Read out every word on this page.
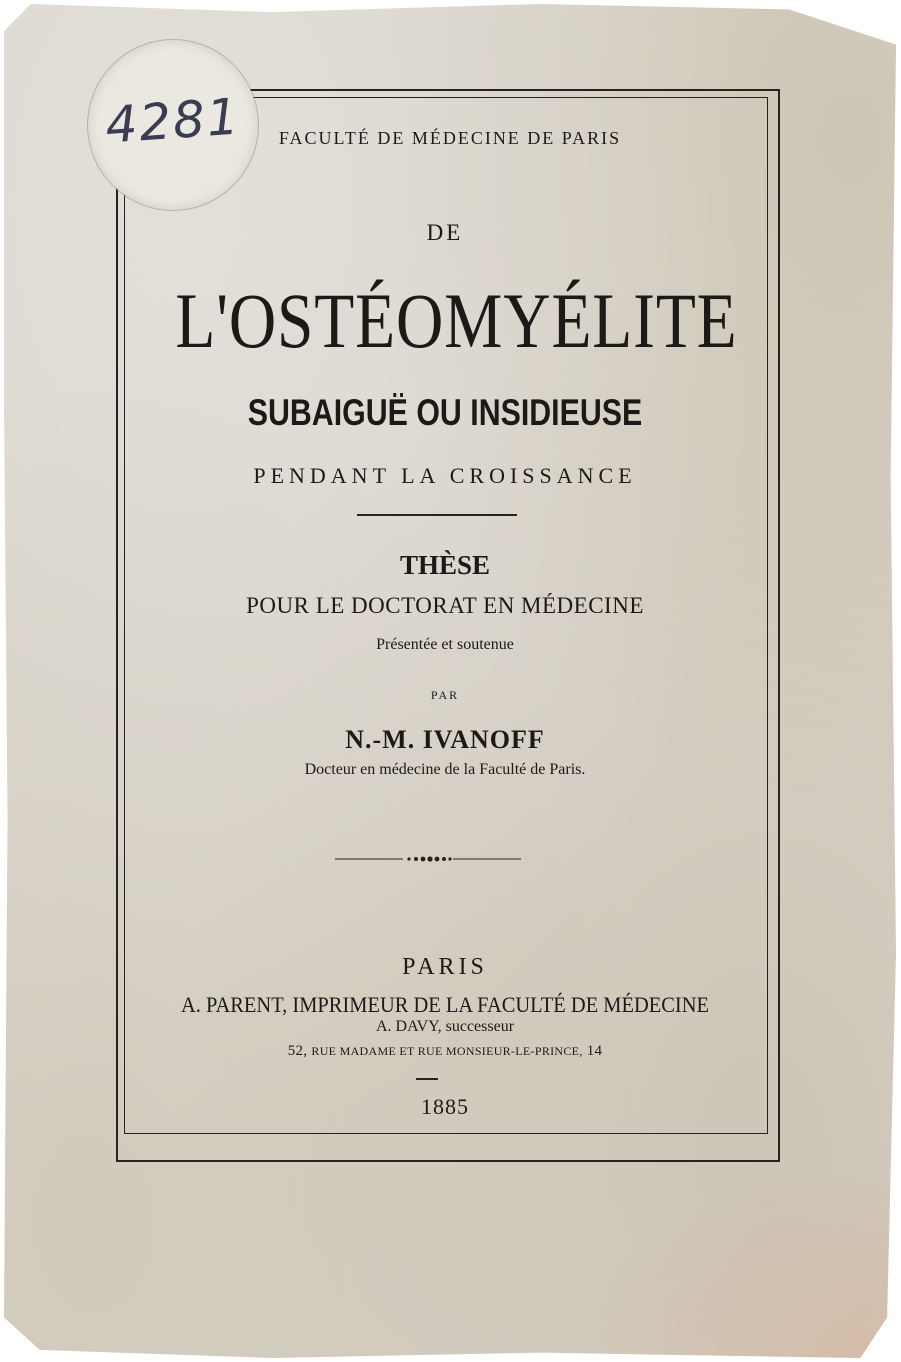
FACULTÉ DE MÉDECINE DE PARIS

4281

DE

L'OSTÉOMYÉLITE

SUBAIGUË OU INSIDIEUSE

PENDANT LA CROISSANCE

THÈSE

POUR LE DOCTORAT EN MÉDECINE

Présentée et soutenue

PAR

N.-M. IVANOFF

Docteur en médecine de la Faculté de Paris.

PARIS

A. PARENT, IMPRIMEUR DE LA FACULTÉ DE MÉDECINE

A. DAVY, successeur

52, RUE MADAME ET RUE MONSIEUR-LE-PRINCE, 14

1885
